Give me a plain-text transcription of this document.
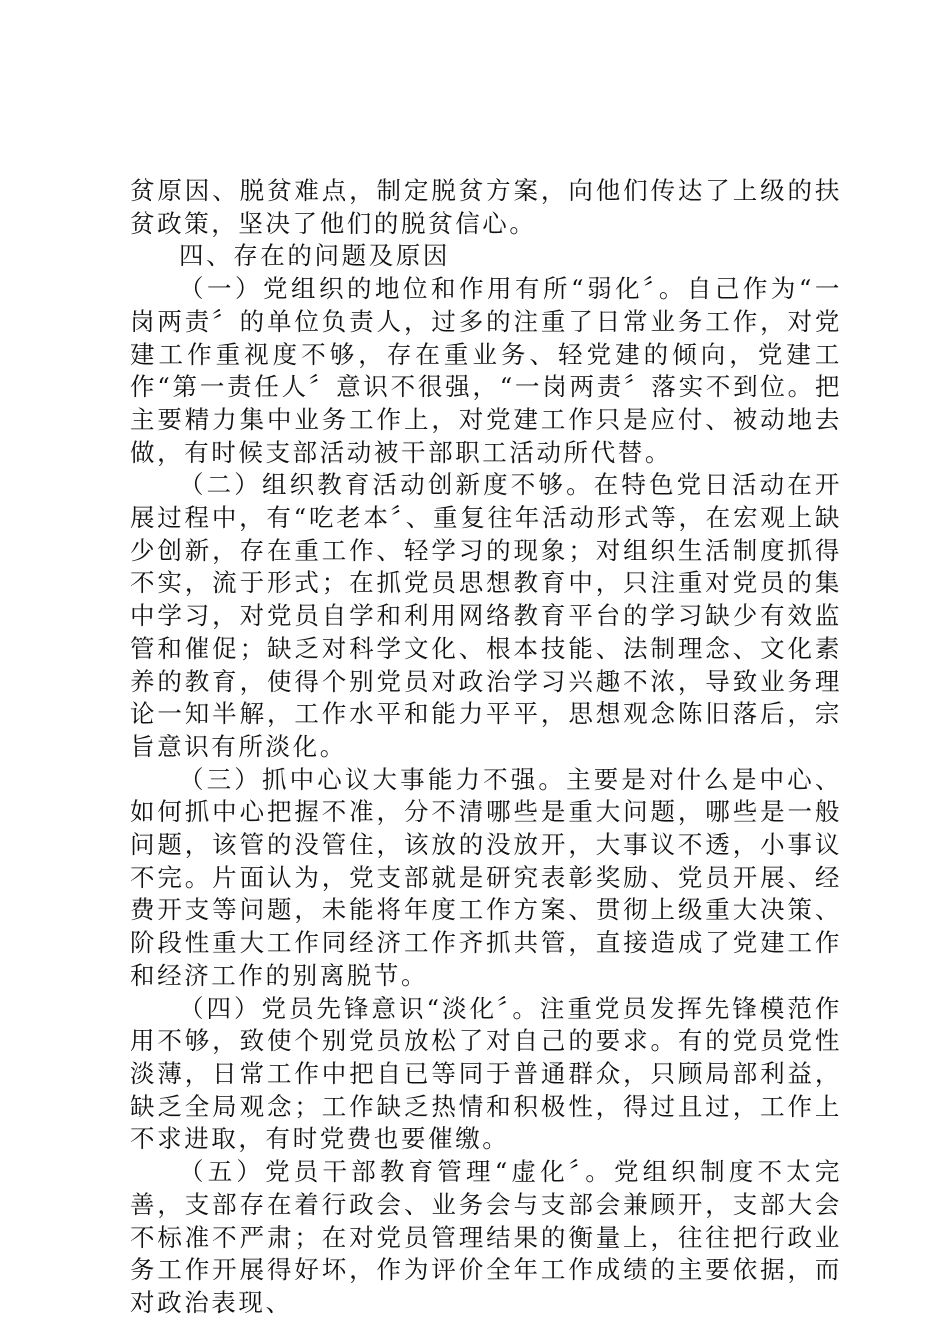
贫原因、脱贫难点，制定脱贫方案，向他们传达了上级的扶贫政策，坚决了他们的脱贫信心。

四、存在的问题及原因

（一）党组织的地位和作用有所“弱化〞。自己作为“一岗两责〞的单位负责人，过多的注重了日常业务工作，对党建工作重视度不够，存在重业务、轻党建的倾向，党建工作“第一责任人〞意识不很强，“一岗两责〞落实不到位。把主要精力集中业务工作上，对党建工作只是应付、被动地去做，有时候支部活动被干部职工活动所代替。

（二）组织教育活动创新度不够。在特色党日活动在开展过程中，有“吃老本〞、重复往年活动形式等，在宏观上缺少创新，存在重工作、轻学习的现象；对组织生活制度抓得不实，流于形式；在抓党员思想教育中，只注重对党员的集中学习，对党员自学和利用网络教育平台的学习缺少有效监管和催促；缺乏对科学文化、根本技能、法制理念、文化素养的教育，使得个别党员对政治学习兴趣不浓，导致业务理论一知半解，工作水平和能力平平，思想观念陈旧落后，宗旨意识有所淡化。

（三）抓中心议大事能力不强。主要是对什么是中心、如何抓中心把握不准，分不清哪些是重大问题，哪些是一般问题，该管的没管住，该放的没放开，大事议不透，小事议不完。片面认为，党支部就是研究表彰奖励、党员开展、经费开支等问题，未能将年度工作方案、贯彻上级重大决策、阶段性重大工作同经济工作齐抓共管，直接造成了党建工作和经济工作的别离脱节。

（四）党员先锋意识“淡化〞。注重党员发挥先锋模范作用不够，致使个别党员放松了对自己的要求。有的党员党性淡薄，日常工作中把自已等同于普通群众，只顾局部利益，缺乏全局观念；工作缺乏热情和积极性，得过且过，工作上不求进取，有时党费也要催缴。

（五）党员干部教育管理“虚化〞。党组织制度不太完善，支部存在着行政会、业务会与支部会兼顾开，支部大会不标准不严肃；在对党员管理结果的衡量上，往往把行政业务工作开展得好坏，作为评价全年工作成绩的主要依据，而对政治表现、
